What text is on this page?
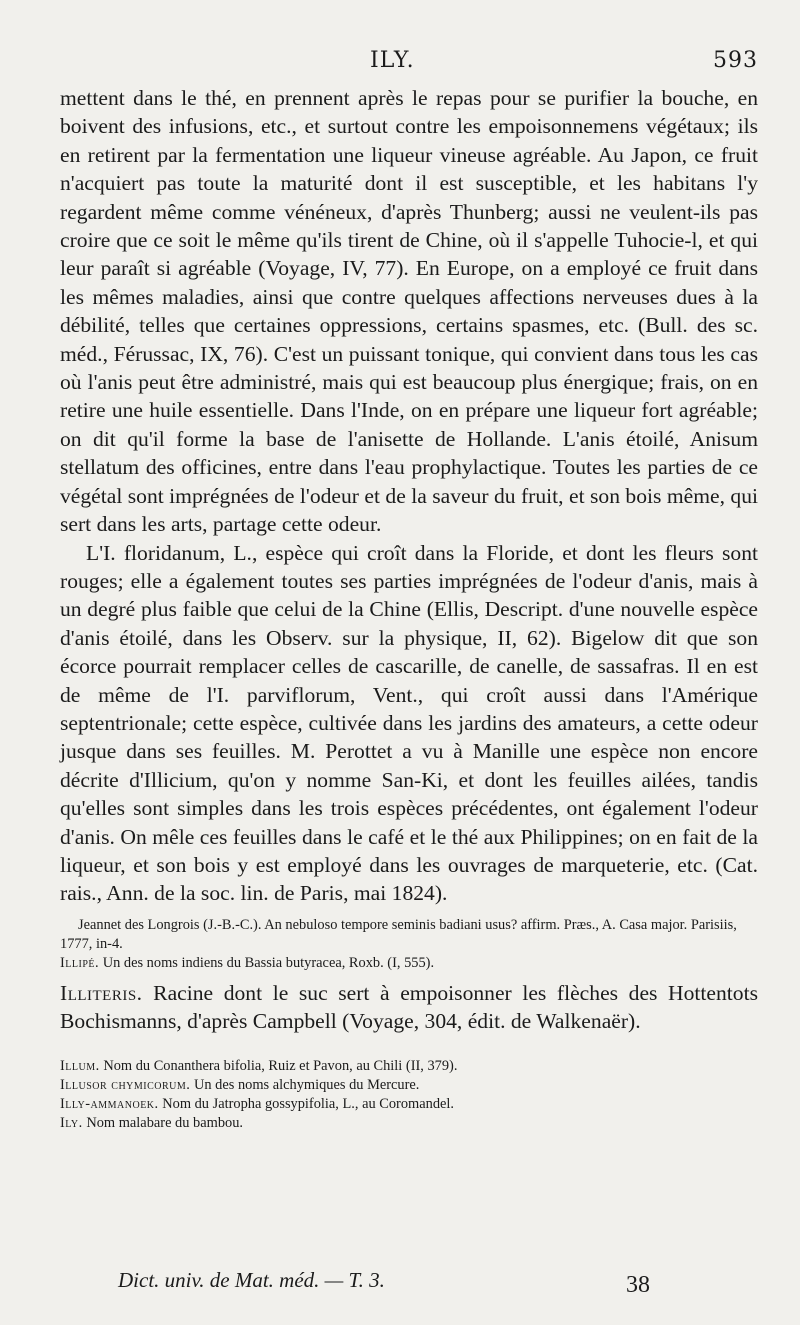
ILY.	593

mettent dans le thé, en prennent après le repas pour se purifier la bouche, en boivent des infusions, etc., et surtout contre les empoisonnemens végétaux; ils en retirent par la fermentation une liqueur vineuse agréable. Au Japon, ce fruit n'acquiert pas toute la maturité dont il est susceptible, et les habitans l'y regardent même comme vénéneux, d'après Thunberg; aussi ne veulent-ils pas croire que ce soit le même qu'ils tirent de Chine, où il s'appelle Tuhocie-l, et qui leur paraît si agréable (Voyage, IV, 77). En Europe, on a employé ce fruit dans les mêmes maladies, ainsi que contre quelques affections nerveuses dues à la débilité, telles que certaines oppressions, certains spasmes, etc. (Bull. des sc. méd., Férussac, IX, 76). C'est un puissant tonique, qui convient dans tous les cas où l'anis peut être administré, mais qui est beaucoup plus énergique; frais, on en retire une huile essentielle. Dans l'Inde, on en prépare une liqueur fort agréable; on dit qu'il forme la base de l'anisette de Hollande. L'anis étoilé, Anisum stellatum des officines, entre dans l'eau prophylactique. Toutes les parties de ce végétal sont imprégnées de l'odeur et de la saveur du fruit, et son bois même, qui sert dans les arts, partage cette odeur.

L'I. floridanum, L., espèce qui croît dans la Floride, et dont les fleurs sont rouges; elle a également toutes ses parties imprégnées de l'odeur d'anis, mais à un degré plus faible que celui de la Chine (Ellis, Descript. d'une nouvelle espèce d'anis étoilé, dans les Observ. sur la physique, II, 62). Bigelow dit que son écorce pourrait remplacer celles de cascarille, de canelle, de sassafras. Il en est de même de l'I. parviflorum, Vent., qui croît aussi dans l'Amérique septentrionale; cette espèce, cultivée dans les jardins des amateurs, a cette odeur jusque dans ses feuilles. M. Perottet a vu à Manille une espèce non encore décrite d'Illicium, qu'on y nomme San-Ki, et dont les feuilles ailées, tandis qu'elles sont simples dans les trois espèces précédentes, ont également l'odeur d'anis. On mêle ces feuilles dans le café et le thé aux Philippines; on en fait de la liqueur, et son bois y est employé dans les ouvrages de marqueterie, etc. (Cat. rais., Ann. de la soc. lin. de Paris, mai 1824).

Jeannet des Longrois (J.-B.-C.). An nebuloso tempore seminis badiani usus? affirm. Præs., A. Casa major. Parisiis, 1777, in-4.

Illipé. Un des noms indiens du Bassia butyracea, Roxb. (I, 555).

Illiteris. Racine dont le suc sert à empoisonner les flèches des Hottentots Bochismanns, d'après Campbell (Voyage, 304, édit. de Walkenaër).

Illum. Nom du Conanthera bifolia, Ruiz et Pavon, au Chili (II, 379).

Illusor chymicorum. Un des noms alchymiques du Mercure.

Illy-ammanoek. Nom du Jatropha gossypifolia, L., au Coromandel.

Ily. Nom malabare du bambou.

Dict. univ. de Mat. méd. — T. 3.	38
